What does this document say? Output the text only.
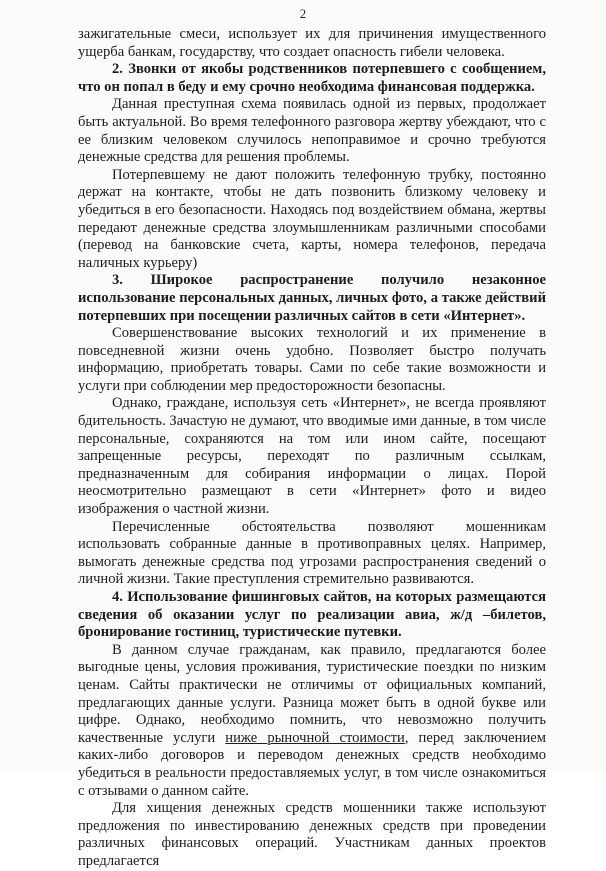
2

зажигательные смеси, использует их для причинения имущественного ущерба банкам, государству, что создает опасность гибели человека.

2. Звонки от якобы родственников потерпевшего с сообщением, что он попал в беду и ему срочно необходима финансовая поддержка.

Данная преступная схема появилась одной из первых, продолжает быть актуальной. Во время телефонного разговора жертву убеждают, что с ее близким человеком случилось непоправимое и срочно требуются денежные средства для решения проблемы.

Потерпевшему не дают положить телефонную трубку, постоянно держат на контакте, чтобы не дать позвонить близкому человеку и убедиться в его безопасности. Находясь под воздействием обмана, жертвы передают денежные средства злоумышленникам различными способами (перевод на банковские счета, карты, номера телефонов, передача наличных курьеру)

3. Широкое распространение получило незаконное использование персональных данных, личных фото, а также действий потерпевших при посещении различных сайтов в сети «Интернет».

Совершенствование высоких технологий и их применение в повседневной жизни очень удобно. Позволяет быстро получать информацию, приобретать товары. Сами по себе такие возможности и услуги при соблюдении мер предосторожности безопасны.

Однако, граждане, используя сеть «Интернет», не всегда проявляют бдительность. Зачастую не думают, что вводимые ими данные, в том числе персональные, сохраняются на том или ином сайте, посещают запрещенные ресурсы, переходят по различным ссылкам, предназначенным для собирания информации о лицах. Порой неосмотрительно размещают в сети «Интернет» фото и видео изображения о частной жизни.

Перечисленные обстоятельства позволяют мошенникам использовать собранные данные в противоправных целях. Например, вымогать денежные средства под угрозами распространения сведений о личной жизни. Такие преступления стремительно развиваются.

4. Использование фишинговых сайтов, на которых размещаются сведения об оказании услуг по реализации авиа, ж/д –билетов, бронирование гостиниц, туристические путевки.

В данном случае гражданам, как правило, предлагаются более выгодные цены, условия проживания, туристические поездки по низким ценам. Сайты практически не отличимы от официальных компаний, предлагающих данные услуги. Разница может быть в одной букве или цифре. Однако, необходимо помнить, что невозможно получить качественные услуги ниже рыночной стоимости, перед заключением каких-либо договоров и переводом денежных средств необходимо убедиться в реальности предоставляемых услуг, в том числе ознакомиться с отзывами о данном сайте.

Для хищения денежных средств мошенники также используют предложения по инвестированию денежных средств при проведении различных финансовых операций. Участникам данных проектов предлагается
